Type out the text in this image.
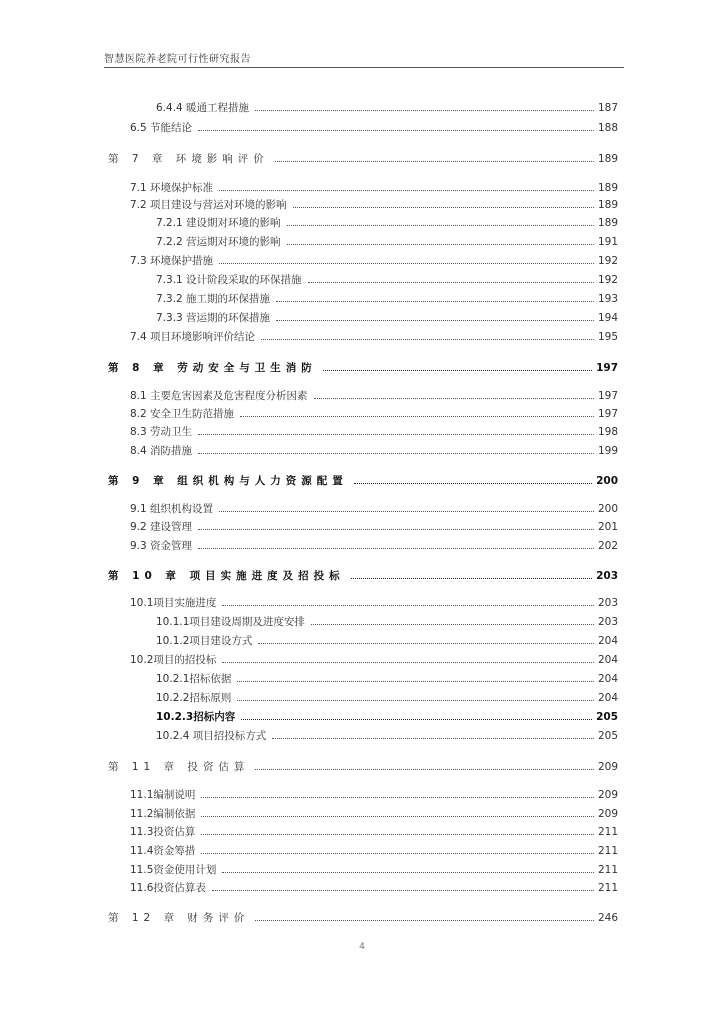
智慧医院养老院可行性研究报告
6.4.4 暖通工程措施	187
6.5 节能结论	188
第 7 章 环境影响评价	189
7.1 环境保护标准	189
7.2 项目建设与营运对环境的影响	189
7.2.1 建设期对环境的影响	189
7.2.2 营运期对环境的影响	191
7.3 环境保护措施	192
7.3.1 设计阶段采取的环保措施	192
7.3.2 施工期的环保措施	193
7.3.3 营运期的环保措施	194
7.4 项目环境影响评价结论	195
第 8 章 劳动安全与卫生消防	197
8.1 主要危害因素及危害程度分析因素	197
8.2 安全卫生防范措施	197
8.3 劳动卫生	198
8.4 消防措施	199
第 9 章 组织机构与人力资源配置	200
9.1 组织机构设置	200
9.2 建设管理	201
9.3 资金管理	202
第 10 章 项目实施进度及招投标	203
10.1项目实施进度	203
10.1.1项目建设周期及进度安排	203
10.1.2项目建设方式	204
10.2项目的招投标	204
10.2.1招标依据	204
10.2.2招标原则	204
10.2.3招标内容	205
10.2.4 项目招投标方式	205
第 11 章 投资估算	209
11.1编制说明	209
11.2编制依据	209
11.3投资估算	211
11.4资金筹措	211
11.5资金使用计划	211
11.6投资估算表	211
第 12 章 财务评价	246
4
